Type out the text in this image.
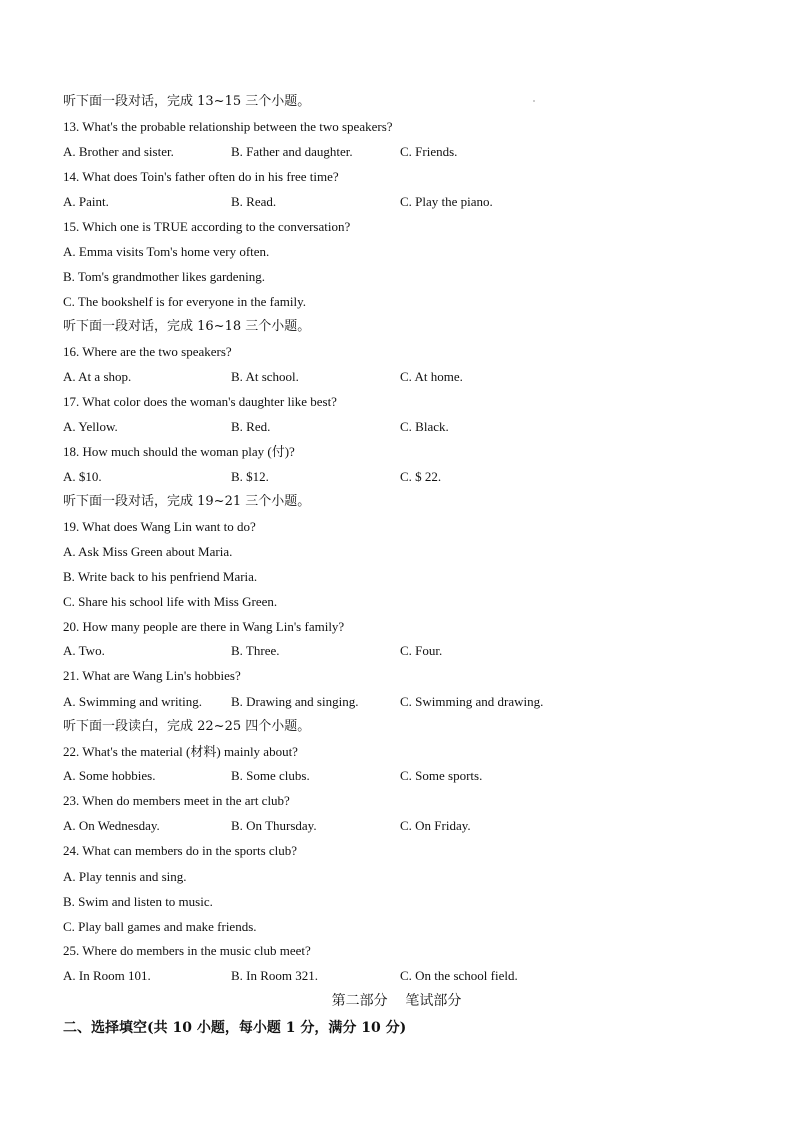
听下面一段对话，完成 13~15 三个小题。
13. What's the probable relationship between the two speakers?
A. Brother and sister.	B. Father and daughter.	C. Friends.
14. What does Toin's father often do in his free time?
A. Paint.	B. Read.	C. Play the piano.
15. Which one is TRUE according to the conversation?
A. Emma visits Tom's home very often.
B. Tom's grandmother likes gardening.
C. The bookshelf is for everyone in the family.
听下面一段对话，完成 16~18 三个小题。
16. Where are the two speakers?
A. At a shop.	B. At school.	C. At home.
17. What color does the woman's daughter like best?
A. Yellow.	B. Red.	C. Black.
18. How much should the woman play (付)?
A. $10.	B. $12.	C. $ 22.
听下面一段对话，完成 19~21 三个小题。
19. What does Wang Lin want to do?
A. Ask Miss Green about Maria.
B. Write back to his penfriend Maria.
C. Share his school life with Miss Green.
20. How many people are there in Wang Lin's family?
A. Two.	B. Three.	C. Four.
21. What are Wang Lin's hobbies?
A. Swimming and writing. B. Drawing and singing.	C. Swimming and drawing.
听下面一段读白，完成 22~25 四个小题。
22. What's the material (材料) mainly about?
A. Some hobbies.	B. Some clubs.	C. Some sports.
23. When do members meet in the art club?
A. On Wednesday.	B. On Thursday.	C. On Friday.
24. What can members do in the sports club?
A. Play tennis and sing.
B. Swim and listen to music.
C. Play ball games and make friends.
25. Where do members in the music club meet?
A. In Room 101.	B. In Room 321.	C. On the school field.
第二部分    笔试部分
二、选择填空(共 10 小题，每小题 1 分，满分 10 分)
